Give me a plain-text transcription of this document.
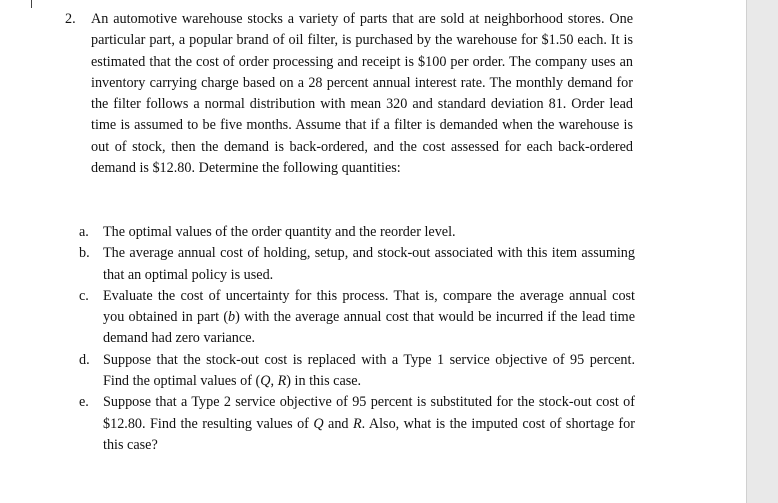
2. An automotive warehouse stocks a variety of parts that are sold at neighborhood stores. One particular part, a popular brand of oil filter, is purchased by the warehouse for $1.50 each. It is estimated that the cost of order processing and receipt is $100 per order. The company uses an inventory carrying charge based on a 28 percent annual interest rate. The monthly demand for the filter follows a normal distribution with mean 320 and standard deviation 81. Order lead time is assumed to be five months. Assume that if a filter is demanded when the warehouse is out of stock, then the demand is back-ordered, and the cost assessed for each back-ordered demand is $12.80. Determine the following quantities:
a. The optimal values of the order quantity and the reorder level.
b. The average annual cost of holding, setup, and stock-out associated with this item assuming that an optimal policy is used.
c. Evaluate the cost of uncertainty for this process. That is, compare the average annual cost you obtained in part (b) with the average annual cost that would be incurred if the lead time demand had zero variance.
d. Suppose that the stock-out cost is replaced with a Type 1 service objective of 95 percent. Find the optimal values of (Q, R) in this case.
e. Suppose that a Type 2 service objective of 95 percent is substituted for the stock-out cost of $12.80. Find the resulting values of Q and R. Also, what is the imputed cost of shortage for this case?
